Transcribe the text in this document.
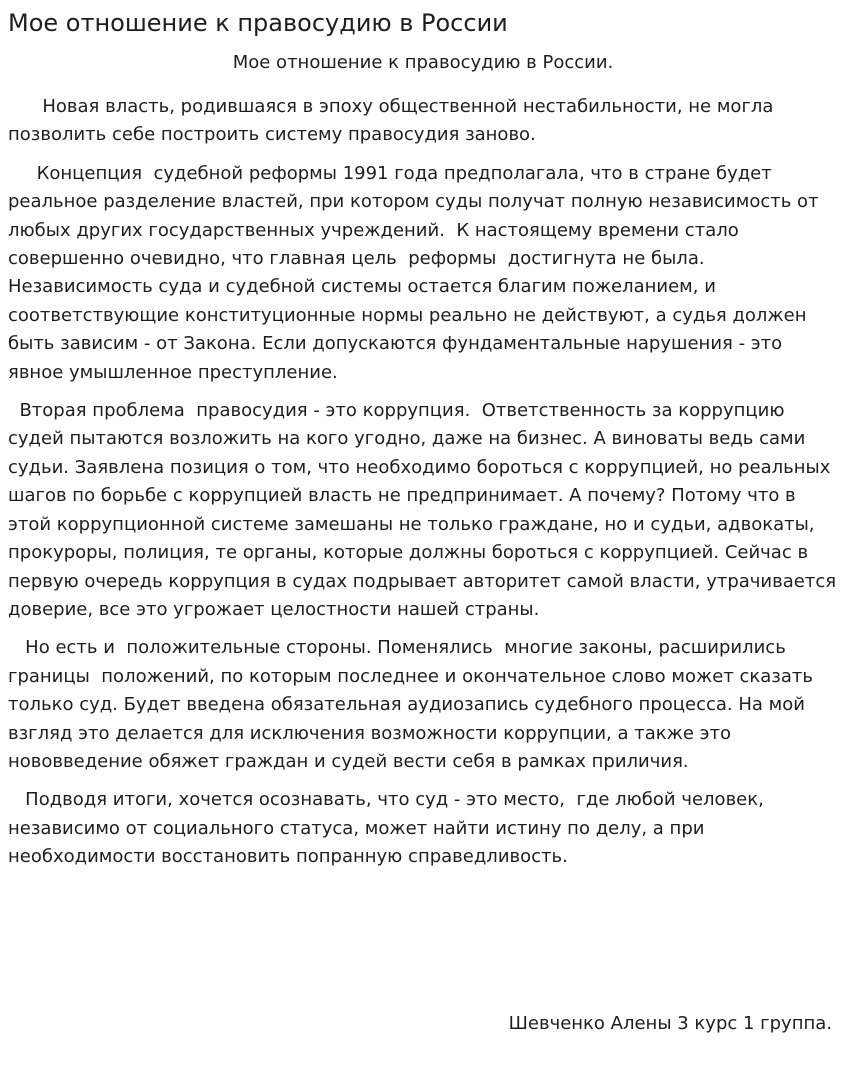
Мое отношение к правосудию в России
Мое отношение к правосудию в России.

Новая власть, родившаяся в эпоху общественной нестабильности, не могла позволить себе построить систему правосудия заново.

Концепция  судебной реформы 1991 года предполагала, что в стране будет реальное разделение властей, при котором суды получат полную независимость от любых других государственных учреждений.  К настоящему времени стало совершенно очевидно, что главная цель  реформы  достигнута не была. Независимость суда и судебной системы остается благим пожеланием, и соответствующие конституционные нормы реально не действуют, а судья должен быть зависим - от Закона. Если допускаются фундаментальные нарушения - это явное умышленное преступление.

Вторая проблема  правосудия - это коррупция.  Ответственность за коррупцию судей пытаются возложить на кого угодно, даже на бизнес. А виноваты ведь сами судьи. Заявлена позиция о том, что необходимо бороться с коррупцией, но реальных шагов по борьбе с коррупцией власть не предпринимает. А почему? Потому что в этой коррупционной системе замешаны не только граждане, но и судьи, адвокаты, прокуроры, полиция, те органы, которые должны бороться с коррупцией. Сейчас в первую очередь коррупция в судах подрывает авторитет самой власти, утрачивается доверие, все это угрожает целостности нашей страны.

Но есть и  положительные стороны. Поменялись  многие законы, расширились границы  положений, по которым последнее и окончательное слово может сказать только суд. Будет введена обязательная аудиозапись судебного процесса. На мой взгляд это делается для исключения возможности коррупции, а также это нововведение обяжет граждан и судей вести себя в рамках приличия.

Подводя итоги, хочется осознавать, что суд - это место,  где любой человек, независимо от социального статуса, может найти истину по делу, а при необходимости восстановить попранную справедливость.

Шевченко Алены 3 курс 1 группа.
